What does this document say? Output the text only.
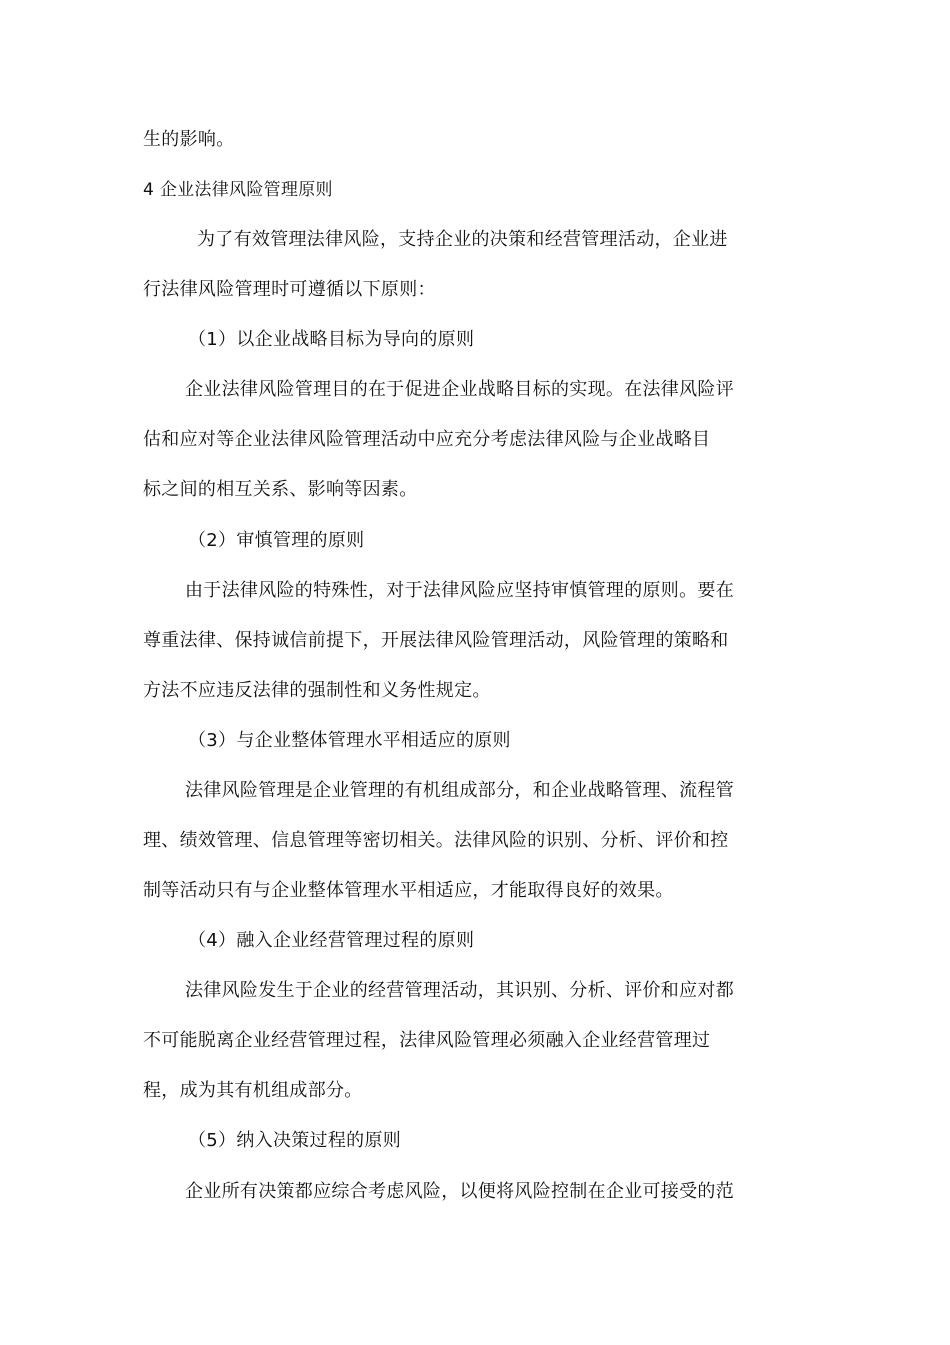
生的影响。
4 企业法律风险管理原则
为了有效管理法律风险，支持企业的决策和经营管理活动，企业进
行法律风险管理时可遵循以下原则：
（1）以企业战略目标为导向的原则
企业法律风险管理目的在于促进企业战略目标的实现。在法律风险评
估和应对等企业法律风险管理活动中应充分考虑法律风险与企业战略目
标之间的相互关系、影响等因素。
（2）审慎管理的原则
由于法律风险的特殊性，对于法律风险应坚持审慎管理的原则。要在
尊重法律、保持诚信前提下，开展法律风险管理活动，风险管理的策略和
方法不应违反法律的强制性和义务性规定。
（3）与企业整体管理水平相适应的原则
法律风险管理是企业管理的有机组成部分，和企业战略管理、流程管
理、绩效管理、信息管理等密切相关。法律风险的识别、分析、评价和控
制等活动只有与企业整体管理水平相适应，才能取得良好的效果。
（4）融入企业经营管理过程的原则
法律风险发生于企业的经营管理活动，其识别、分析、评价和应对都
不可能脱离企业经营管理过程，法律风险管理必须融入企业经营管理过
程，成为其有机组成部分。
（5）纳入决策过程的原则
企业所有决策都应综合考虑风险，以便将风险控制在企业可接受的范
